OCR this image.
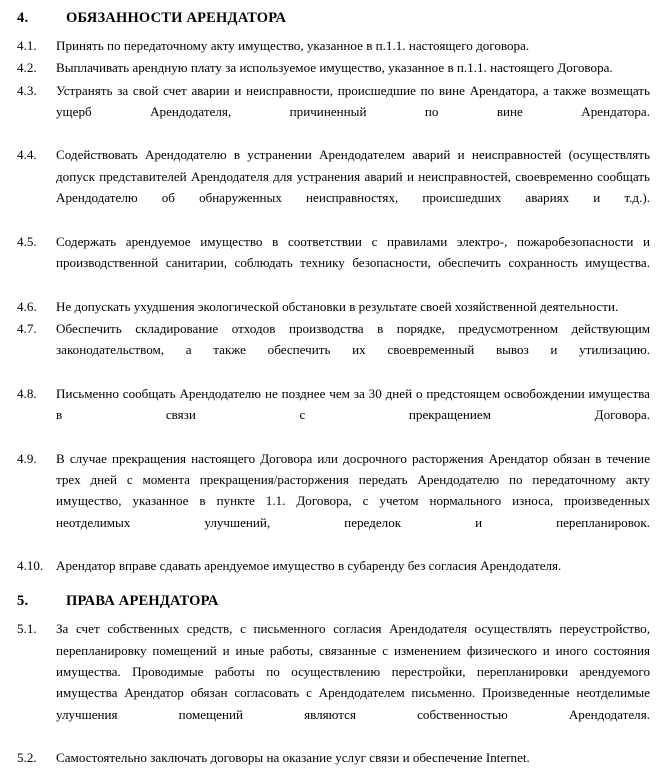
4.	ОБЯЗАННОСТИ АРЕНДАТОРА
4.1.	Принять по передаточному акту имущество, указанное в п.1.1. настоящего договора.
4.2.	Выплачивать арендную плату за используемое имущество, указанное в п.1.1. настоящего Договора.
4.3.	Устранять за свой счет аварии и неисправности, происшедшие по вине Арендатора, а также возмещать ущерб Арендодателя, причиненный по вине Арендатора.
4.4.	Содействовать Арендодателю в устранении Арендодателем аварий и неисправностей (осуществлять допуск представителей Арендодателя для устранения аварий и неисправностей, своевременно сообщать Арендодателю об обнаруженных неисправностях, происшедших авариях и т.д.).
4.5.	Содержать арендуемое имущество в соответствии с правилами электро-, пожаробезопасности и производственной санитарии, соблюдать технику безопасности, обеспечить сохранность имущества.
4.6.	Не допускать ухудшения экологической обстановки в результате своей хозяйственной деятельности.
4.7.	Обеспечить складирование отходов производства в порядке, предусмотренном действующим законодательством, а также обеспечить их своевременный вывоз и утилизацию.
4.8.	Письменно сообщать Арендодателю не позднее чем за 30 дней о предстоящем освобождении имущества в связи с прекращением Договора.
4.9.	В случае прекращения настоящего Договора или досрочного расторжения Арендатор обязан в течение трех дней с момента прекращения/расторжения передать Арендодателю по передаточному акту имущество, указанное в пункте 1.1. Договора, с учетом нормального износа, произведенных неотделимых улучшений, переделок и перепланировок.
4.10. Арендатор вправе сдавать арендуемое имущество в субаренду без согласия Арендодателя.
5.	ПРАВА АРЕНДАТОРА
5.1.	За счет собственных средств, с письменного согласия Арендодателя осуществлять переустройство, перепланировку помещений и иные работы, связанные с изменением физического и иного состояния имущества. Проводимые работы по осуществлению перестройки, перепланировки арендуемого имущества Арендатор обязан согласовать с Арендодателем письменно. Произведенные неотделимые улучшения помещений являются собственностью Арендодателя.
5.2.	Самостоятельно заключать договоры на оказание услуг связи и обеспечение Internet.
